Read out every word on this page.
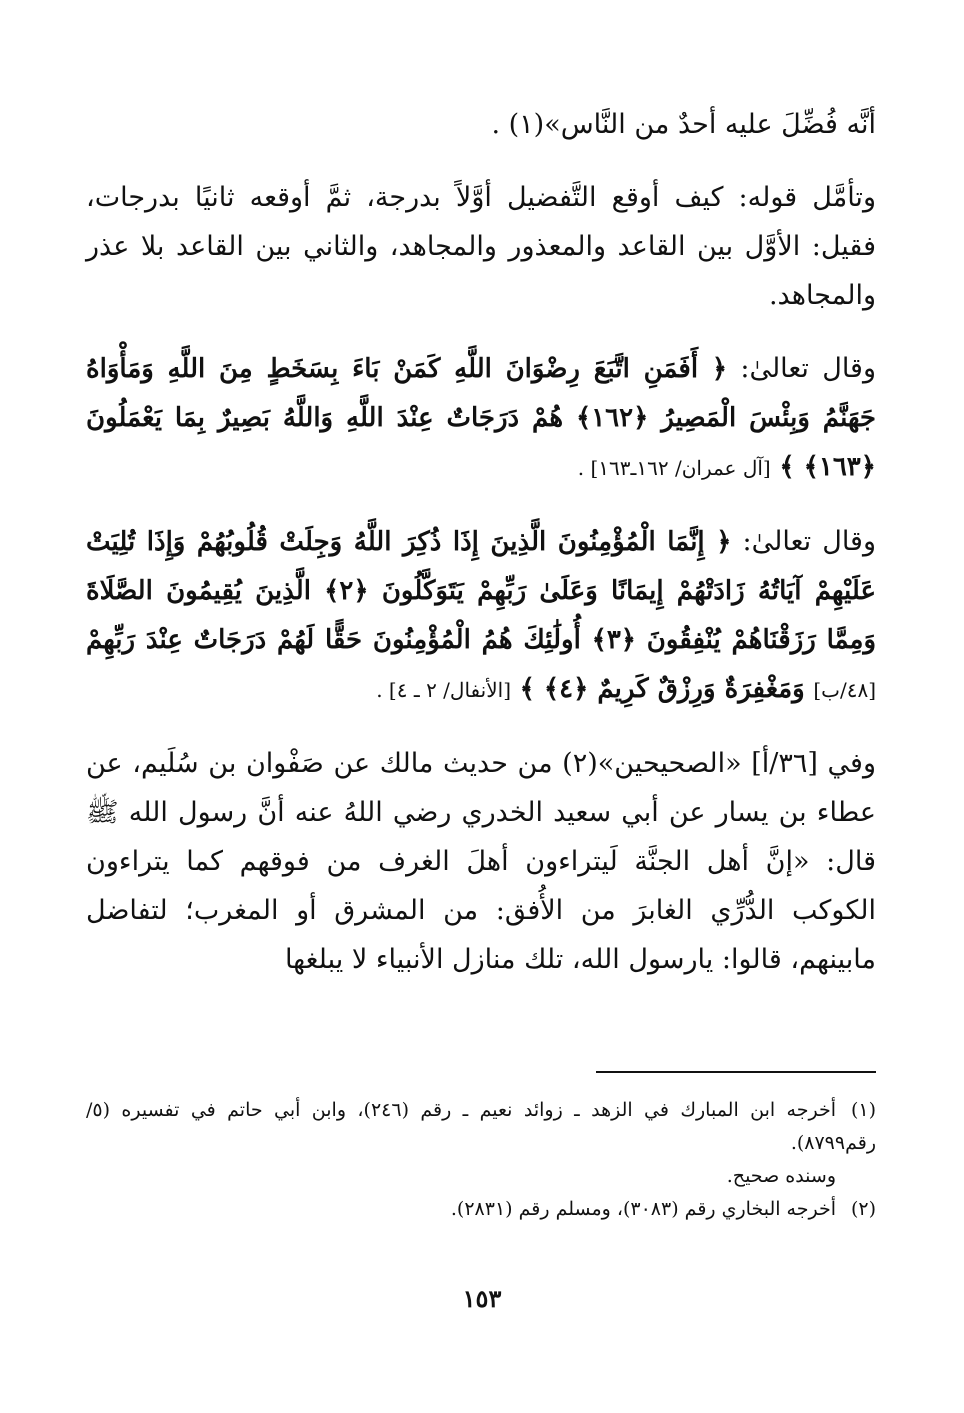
أنَّه فُضِّلَ عليه أحدٌ من النَّاس»(١) .

وتأمَّل قوله: كيف أوقع التَّفضيل أوَّلاً بدرجة، ثمَّ أوقعه ثانيًا بدرجات، فقيل: الأوَّل بين القاعد والمعذور والمجاهد، والثاني بين القاعد بلا عذر والمجاهد.

وقال تعالىٰ: ﴿ أَفَمَنِ اتَّبَعَ رِضْوَانَ اللَّهِ كَمَنْ بَاءَ بِسَخَطٍ مِنَ اللَّهِ وَمَأْوَاهُ جَهَنَّمُ وَبِئْسَ الْمَصِيرُ ﴿١٦٢﴾ هُمْ دَرَجَاتٌ عِنْدَ اللَّهِ وَاللَّهُ بَصِيرٌ بِمَا يَعْمَلُونَ ﴿١٦٣﴾ ﴾ [آل عمران/ ١٦٢ـ١٦٣] .

وقال تعالىٰ: ﴿ إِنَّمَا الْمُؤْمِنُونَ الَّذِينَ إِذَا ذُكِرَ اللَّهُ وَجِلَتْ قُلُوبُهُمْ وَإِذَا تُلِيَتْ عَلَيْهِمْ آيَاتُهُ زَادَتْهُمْ إِيمَانًا وَعَلَىٰ رَبِّهِمْ يَتَوَكَّلُونَ ﴿٢﴾ الَّذِينَ يُقِيمُونَ الصَّلَاةَ وَمِمَّا رَزَقْنَاهُمْ يُنْفِقُونَ ﴿٣﴾ أُولَٰئِكَ هُمُ الْمُؤْمِنُونَ حَقًّا لَهُمْ دَرَجَاتٌ عِنْدَ رَبِّهِمْ [٤٨/ب] وَمَغْفِرَةٌ وَرِزْقٌ كَرِيمٌ ﴿٤﴾ ﴾ [الأنفال/ ٢ ـ ٤] .

وفي [٣٦/أ] «الصحيحين»(٢) من حديث مالك عن صَفْوان بن سُلَيم، عن عطاء بن يسار عن أبي سعيد الخدري رضي اللهُ عنه أنَّ رسول الله ﷺ قال: «إنَّ أهل الجنَّة لَيتراءون أهلَ الغرف من فوقهم كما يتراءون الكوكب الدُّرِّي الغابرَ من الأُفق: من المشرق أو المغرب؛ لتفاضل مابينهم، قالوا: يارسول الله، تلك منازل الأنبياء لا يبلغها

(١)أخرجه ابن المبارك في الزهد ـ زوائد نعيم ـ رقم (٢٤٦)، وابن أبي حاتم في تفسيره (٥/ رقم٨٧٩٩).

وسنده صحيح.

(٢)أخرجه البخاري رقم (٣٠٨٣)، ومسلم رقم (٢٨٣١).

١٥٣
